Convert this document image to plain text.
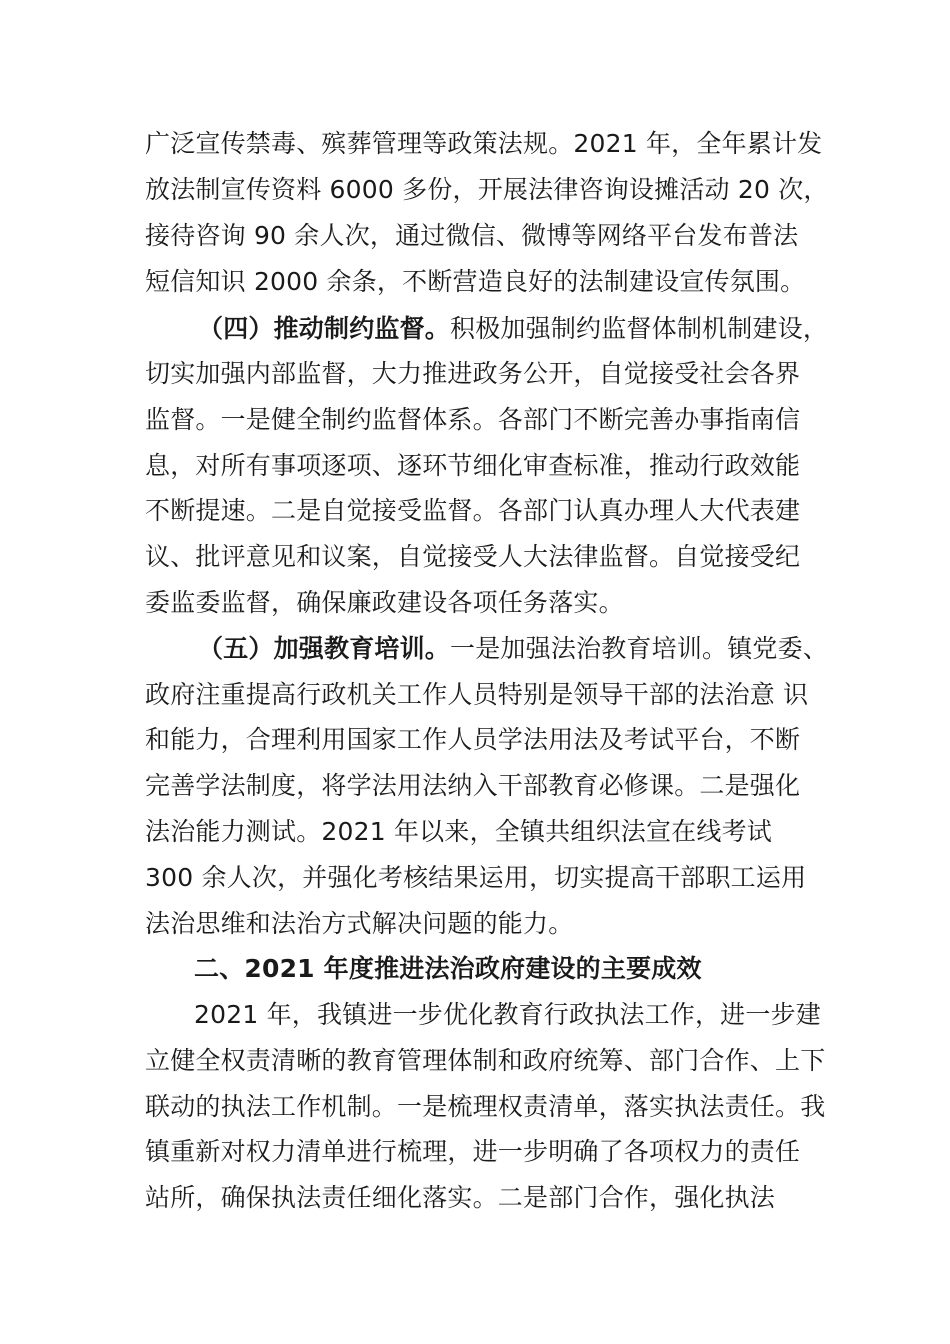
广泛宣传禁毒、殡葬管理等政策法规。2021 年，全年累计发
放法制宣传资料 6000 多份，开展法律咨询设摊活动 20 次，
接待咨询 90 余人次，通过微信、微博等网络平台发布普法
短信知识 2000 余条，不断营造良好的法制建设宣传氛围。
（四）推动制约监督。积极加强制约监督体制机制建设，
切实加强内部监督，大力推进政务公开，自觉接受社会各界
监督。一是健全制约监督体系。各部门不断完善办事指南信
息，对所有事项逐项、逐环节细化审查标准，推动行政效能
不断提速。二是自觉接受监督。各部门认真办理人大代表建
议、批评意见和议案，自觉接受人大法律监督。自觉接受纪
委监委监督，确保廉政建设各项任务落实。
（五）加强教育培训。一是加强法治教育培训。镇党委、
政府注重提高行政机关工作人员特别是领导干部的法治意 识
和能力，合理利用国家工作人员学法用法及考试平台，不断
完善学法制度，将学法用法纳入干部教育必修课。二是强化
法治能力测试。2021 年以来，全镇共组织法宣在线考试
300 余人次，并强化考核结果运用，切实提高干部职工运用
法治思维和法治方式解决问题的能力。
二、2021 年度推进法治政府建设的主要成效
2021 年，我镇进一步优化教育行政执法工作，进一步建
立健全权责清晰的教育管理体制和政府统筹、部门合作、上下
联动的执法工作机制。一是梳理权责清单，落实执法责任。我
镇重新对权力清单进行梳理，进一步明确了各项权力的责任
站所，确保执法责任细化落实。二是部门合作，强化执法
